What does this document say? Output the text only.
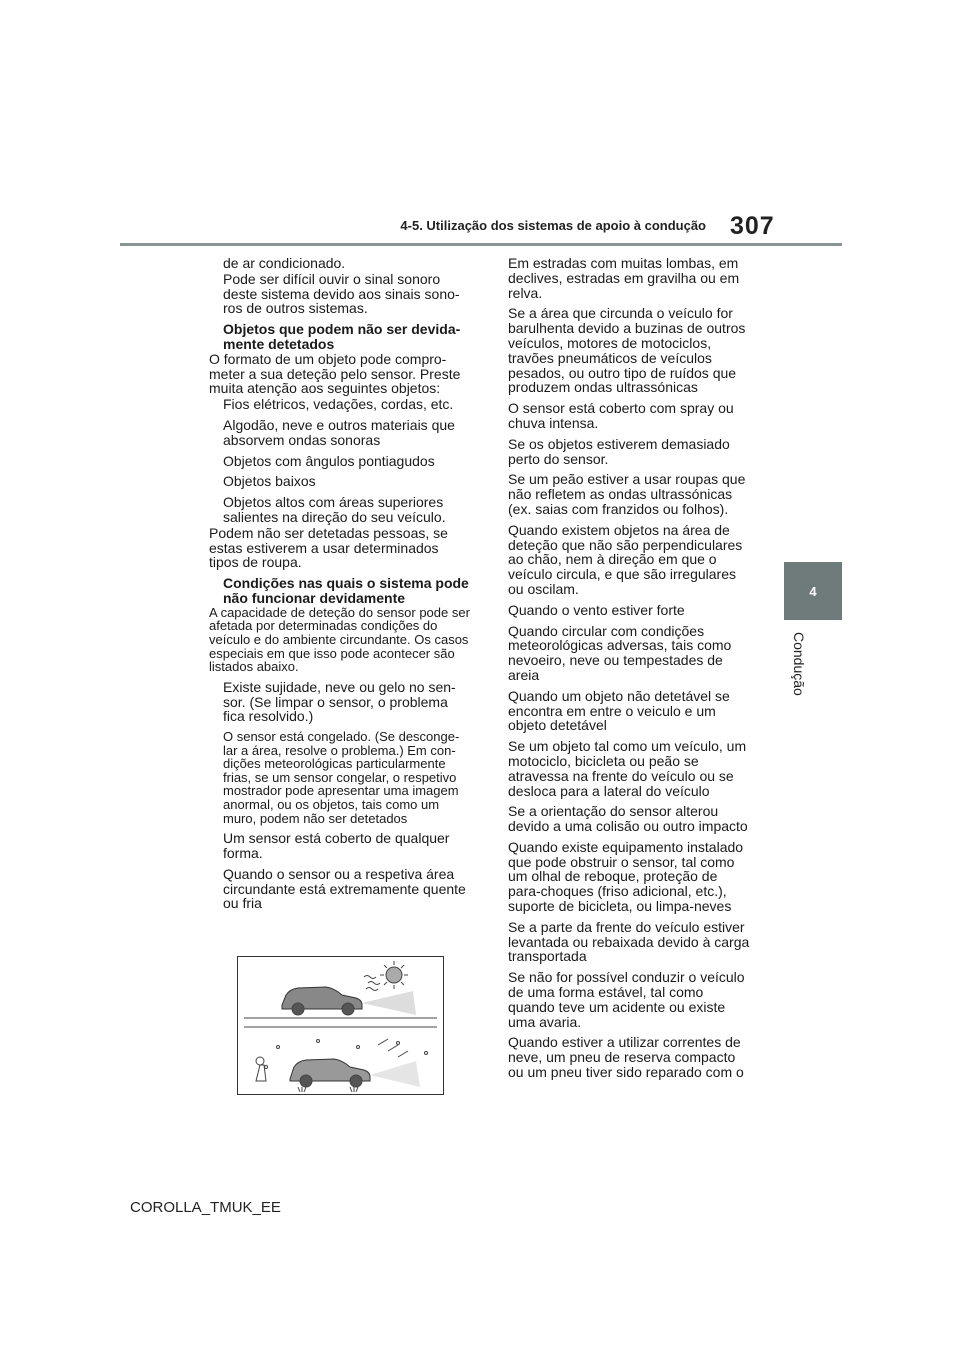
4-5. Utilização dos sistemas de apoio à condução 307
4
Condução

de ar condicionado.

Pode ser difícil ouvir o sinal sonoro deste sistema devido aos sinais sono-ros de outros sistemas.

Objetos que podem não ser devida-mente detetados

O formato de um objeto pode compro-meter a sua deteção pelo sensor. Preste muita atenção aos seguintes objetos:

Fios elétricos, vedações, cordas, etc.

Algodão, neve e outros materiais que absorvem ondas sonoras

Objetos com ângulos pontiagudos

Objetos baixos

Objetos altos com áreas superiores salientes na direção do seu veículo.

Podem não ser detetadas pessoas, se estas estiverem a usar determinados tipos de roupa.

Condições nas quais o sistema pode não funcionar devidamente

A capacidade de deteção do sensor pode ser afetada por determinadas condições do veículo e do ambiente circundante. Os casos especiais em que isso pode acontecer são listados abaixo.

Existe sujidade, neve ou gelo no sen-sor. (Se limpar o sensor, o problema fica resolvido.)

O sensor está congelado. (Se desconge-lar a área, resolve o problema.) Em con-dições meteorológicas particularmente frias, se um sensor congelar, o respetivo mostrador pode apresentar uma imagem anormal, ou os objetos, tais como um muro, podem não ser detetados

Um sensor está coberto de qualquer forma.

Quando o sensor ou a respetiva área circundante está extremamente quente ou fria

Em estradas com muitas lombas, em declives, estradas em gravilha ou em relva.

Se a área que circunda o veículo for barulhenta devido a buzinas de outros veículos, motores de motociclos, travões pneumáticos de veículos pesados, ou outro tipo de ruídos que produzem ondas ultrassónicas

O sensor está coberto com spray ou chuva intensa.

Se os objetos estiverem demasiado perto do sensor.

Se um peão estiver a usar roupas que não refletem as ondas ultrassónicas (ex. saias com franzidos ou folhos).

Quando existem objetos na área de deteção que não são perpendiculares ao chão, nem à direção em que o veículo circula, e que são irregulares ou oscilam.

Quando o vento estiver forte

Quando circular com condições meteorológicas adversas, tais como nevoeiro, neve ou tempestades de areia

Quando um objeto não detetável se encontra em entre o veiculo e um objeto detetável

Se um objeto tal como um veículo, um motociclo, bicicleta ou peão se atravessa na frente do veículo ou se desloca para a lateral do veículo

Se a orientação do sensor alterou devido a uma colisão ou outro impacto

Quando existe equipamento instalado que pode obstruir o sensor, tal como um olhal de reboque, proteção de para-choques (friso adicional, etc.), suporte de bicicleta, ou limpa-neves

Se a parte da frente do veículo estiver levantada ou rebaixada devido à carga transportada

Se não for possível conduzir o veículo de uma forma estável, tal como quando teve um acidente ou existe uma avaria.

Quando estiver a utilizar correntes de neve, um pneu de reserva compacto ou um pneu tiver sido reparado com o

COROLLA_TMUK_EE
